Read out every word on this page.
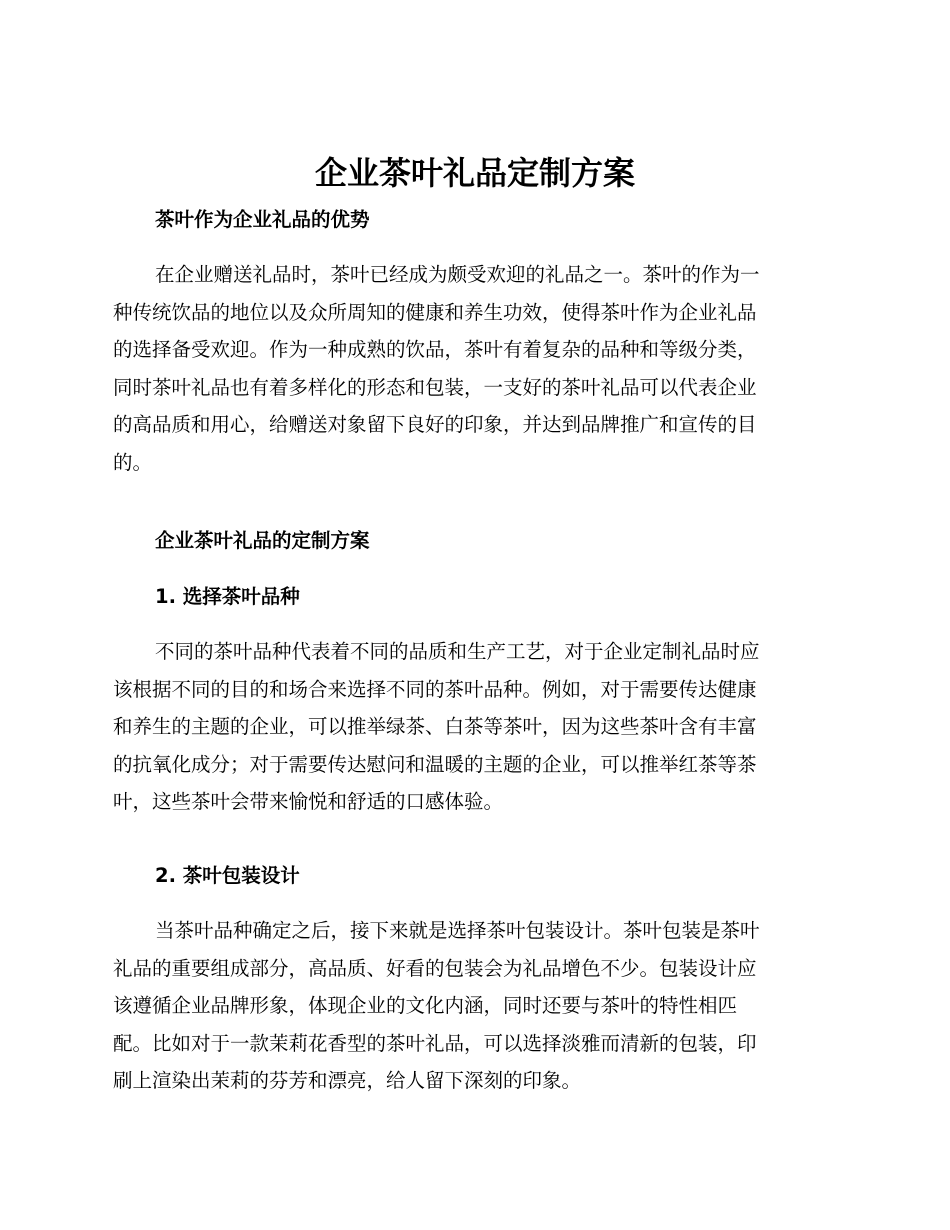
企业茶叶礼品定制方案
茶叶作为企业礼品的优势
在企业赠送礼品时，茶叶已经成为颇受欢迎的礼品之一。茶叶的作为一
种传统饮品的地位以及众所周知的健康和养生功效，使得茶叶作为企业礼品
的选择备受欢迎。作为一种成熟的饮品，茶叶有着复杂的品种和等级分类，
同时茶叶礼品也有着多样化的形态和包装，一支好的茶叶礼品可以代表企业
的高品质和用心，给赠送对象留下良好的印象，并达到品牌推广和宣传的目
的。
企业茶叶礼品的定制方案
1. 选择茶叶品种
不同的茶叶品种代表着不同的品质和生产工艺，对于企业定制礼品时应
该根据不同的目的和场合来选择不同的茶叶品种。例如，对于需要传达健康
和养生的主题的企业，可以推举绿茶、白茶等茶叶，因为这些茶叶含有丰富
的抗氧化成分；对于需要传达慰问和温暖的主题的企业，可以推举红茶等茶
叶，这些茶叶会带来愉悦和舒适的口感体验。
2. 茶叶包装设计
当茶叶品种确定之后，接下来就是选择茶叶包装设计。茶叶包装是茶叶
礼品的重要组成部分，高品质、好看的包装会为礼品增色不少。包装设计应
该遵循企业品牌形象，体现企业的文化内涵，同时还要与茶叶的特性相匹
配。比如对于一款茉莉花香型的茶叶礼品，可以选择淡雅而清新的包装，印
刷上渲染出茉莉的芬芳和漂亮，给人留下深刻的印象。
